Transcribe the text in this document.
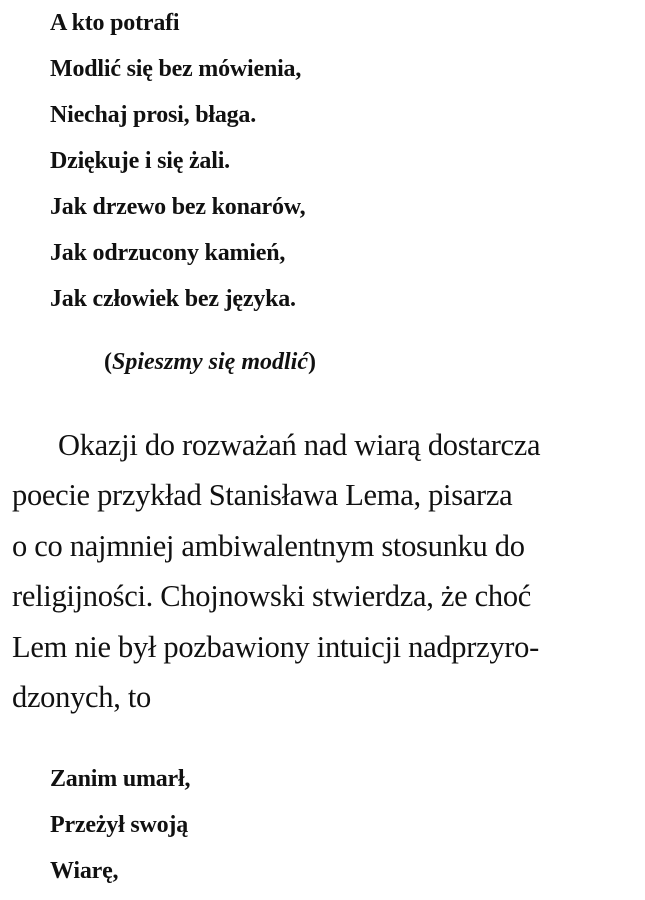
A kto potrafi
Modlić się bez mówienia,
Niechaj prosi, błaga.
Dziękuje i się żali.
Jak drzewo bez konarów,
Jak odrzucony kamień,
Jak człowiek bez języka.
(Spieszmy się modlić)

Okazji do rozważań nad wiarą dostarcza
poecie przykład Stanisława Lema, pisarza
o co najmniej ambiwalentnym stosunku do
religijności. Chojnowski stwierdza, że choć
Lem nie był pozbawiony intuicji nadprzyro-
dzonych, to

Zanim umarł,
Przeżył swoją
Wiarę,
